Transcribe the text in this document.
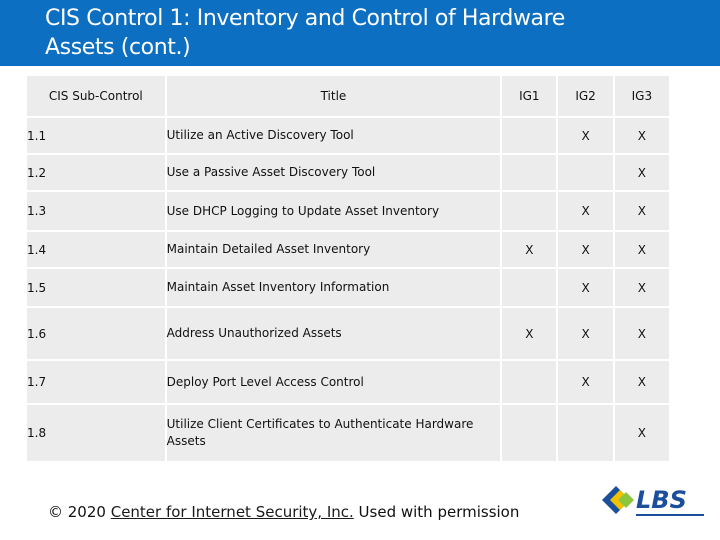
CIS Control 1: Inventory and Control of Hardware
Assets (cont.)
CIS Sub-Control	Title	IG1	IG2	IG3
1.1	Utilize an Active Discovery Tool		X	X
1.2	Use a Passive Asset Discovery Tool			X
1.3	Use DHCP Logging to Update Asset Inventory		X	X
1.4	Maintain Detailed Asset Inventory	X	X	X
1.5	Maintain Asset Inventory Information		X	X
1.6	Address Unauthorized Assets	X	X	X
1.7	Deploy Port Level Access Control		X	X
1.8	Utilize Client Certificates to Authenticate Hardware Assets			X
© 2020 Center for Internet Security, Inc. Used with permission	LBS
